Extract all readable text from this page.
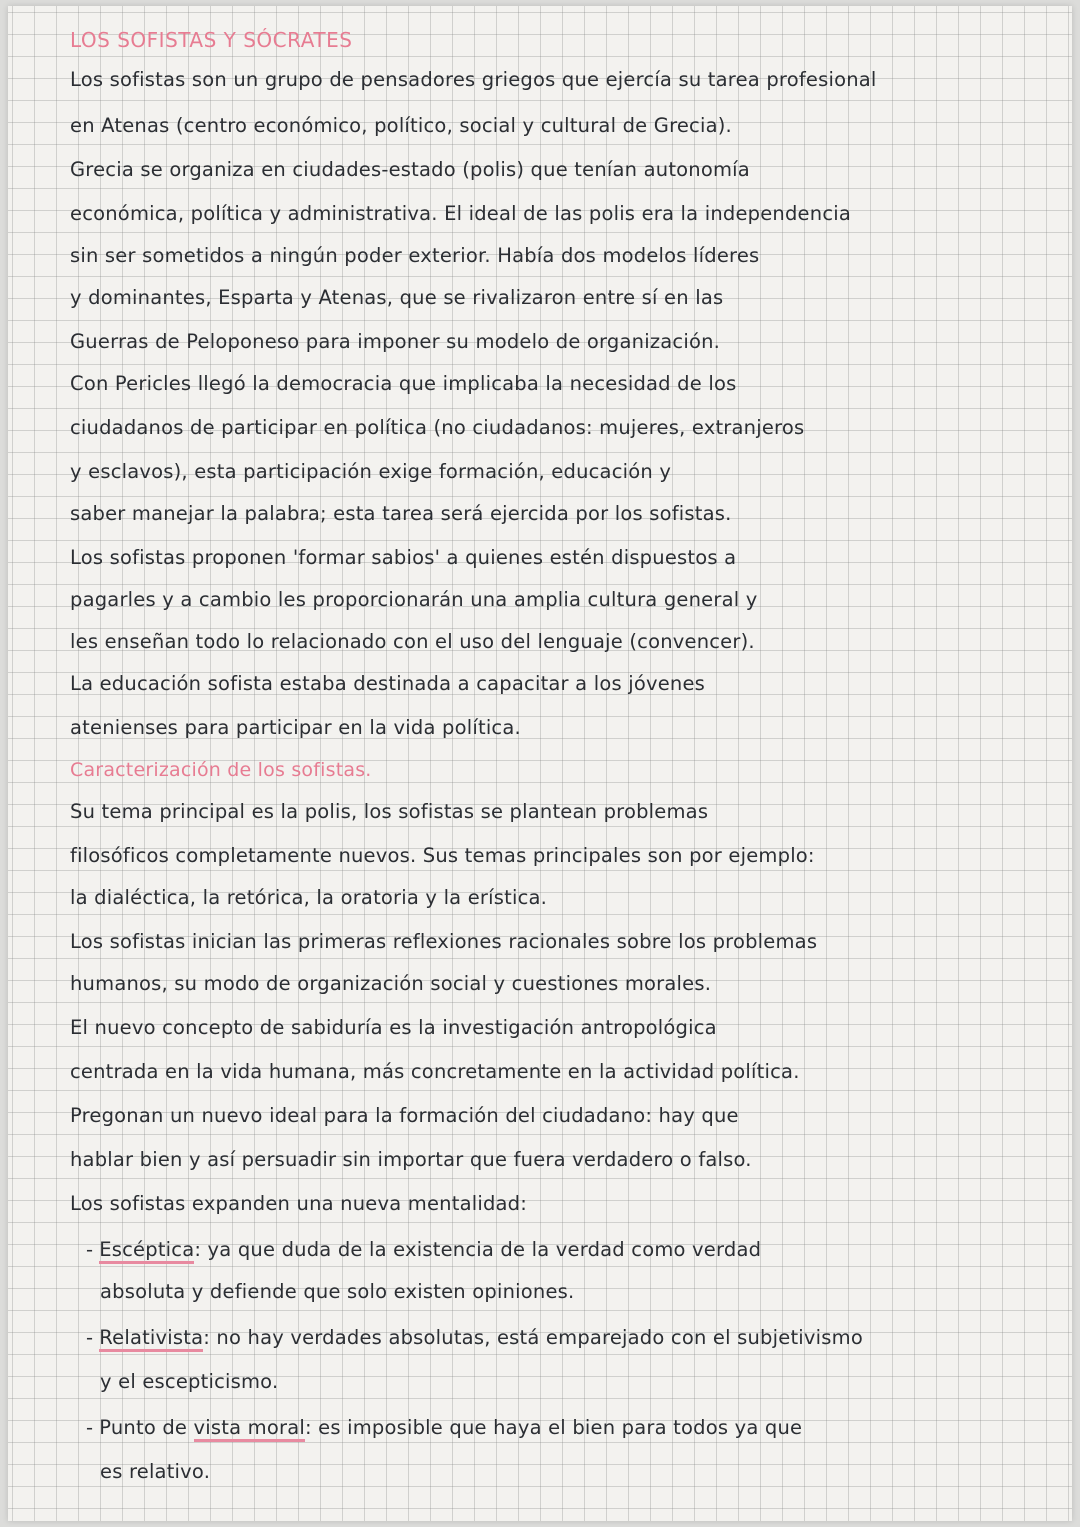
LOS SOFISTAS Y SÓCRATES
Los sofistas son un grupo de pensadores griegos que ejercía su tarea profesional
en Atenas (centro económico, político, social y cultural de Grecia).
Grecia se organiza en ciudades-estado (polis) que tenían autonomía
económica, política y administrativa. El ideal de las polis era la independencia
sin ser sometidos a ningún poder exterior. Había dos modelos líderes
y dominantes, Esparta y Atenas, que se rivalizaron entre sí en las
Guerras de Peloponeso para imponer su modelo de organización.
Con Pericles llegó la democracia que implicaba la necesidad de los
ciudadanos de participar en política (no ciudadanos: mujeres, extranjeros
y esclavos), esta participación exige formación, educación y
saber manejar la palabra; esta tarea será ejercida por los sofistas.
Los sofistas proponen 'formar sabios' a quienes estén dispuestos a
pagarles y a cambio les proporcionarán una amplia cultura general y
les enseñan todo lo relacionado con el uso del lenguaje (convencer).
La educación sofista estaba destinada a capacitar a los jóvenes
atenienses para participar en la vida política.
Caracterización de los sofistas.
Su tema principal es la polis, los sofistas se plantean problemas
filosóficos completamente nuevos. Sus temas principales son por ejemplo:
la dialéctica, la retórica, la oratoria y la erística.
Los sofistas inician las primeras reflexiones racionales sobre los problemas
humanos, su modo de organización social y cuestiones morales.
El nuevo concepto de sabiduría es la investigación antropológica
centrada en la vida humana, más concretamente en la actividad política.
Pregonan un nuevo ideal para la formación del ciudadano: hay que
hablar bien y así persuadir sin importar que fuera verdadero o falso.
Los sofistas expanden una nueva mentalidad:
- Escéptica: ya que duda de la existencia de la verdad como verdad
absoluta y defiende que solo existen opiniones.
- Relativista: no hay verdades absolutas, está emparejado con el subjetivismo
y el escepticismo.
- Punto de vista moral: es imposible que haya el bien para todos ya que
es relativo.
